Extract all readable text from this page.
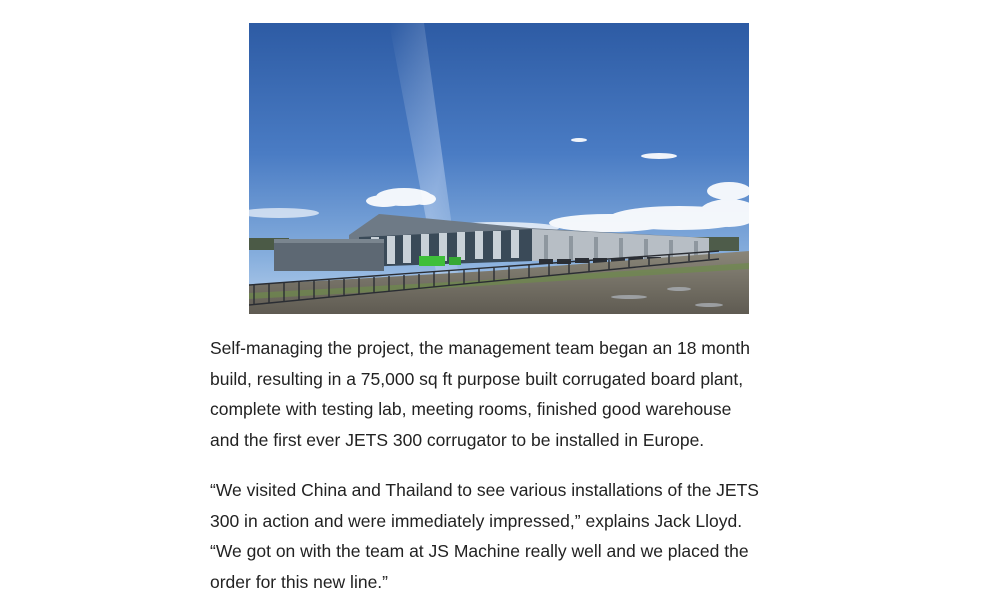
Self-managing the project, the management team began an 18 month
build, resulting in a 75,000 sq ft purpose built corrugated board plant,
complete with testing lab, meeting rooms, finished good warehouse
and the first ever JETS 300 corrugator to be installed in Europe.

“We visited China and Thailand to see various installations of the JETS
300 in action and were immediately impressed,” explains Jack Lloyd.
“We got on with the team at JS Machine really well and we placed the
order for this new line.”
